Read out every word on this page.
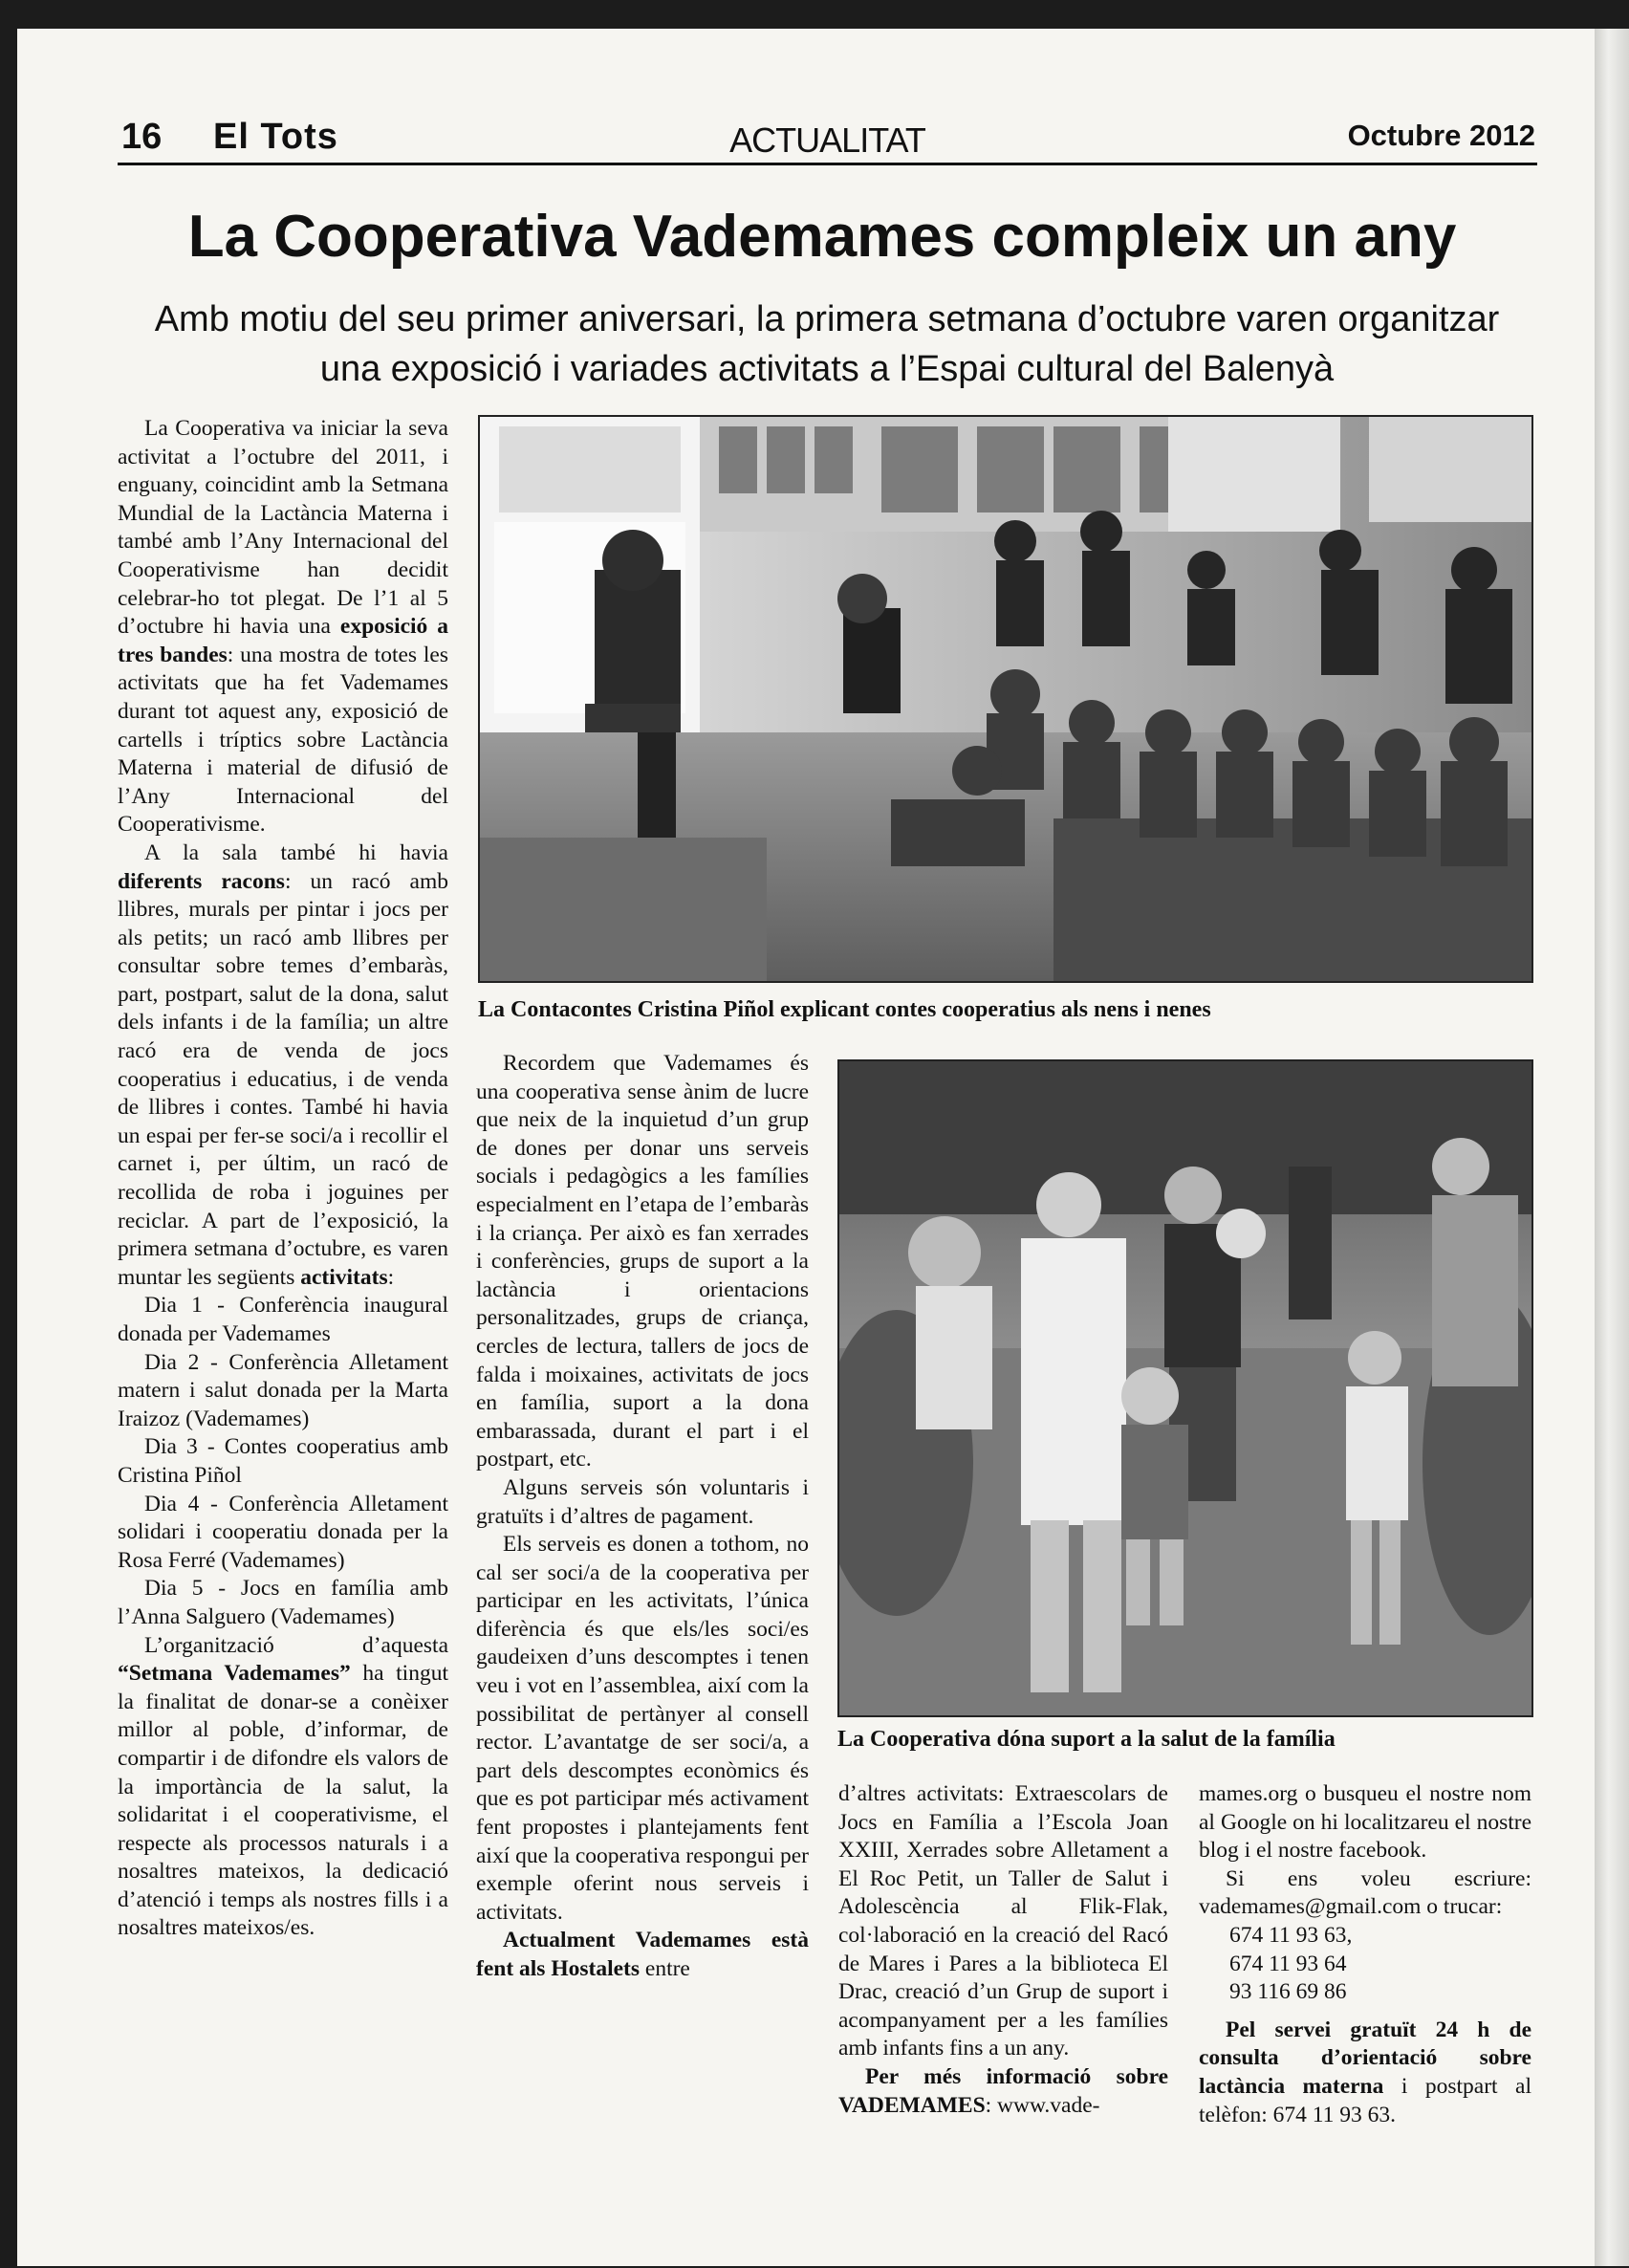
16 El Tots	ACTUALITAT	Octubre 2012
La Cooperativa Vademames compleix un any
Amb motiu del seu primer aniversari, la primera setmana d’octubre varen organitzar una exposició i variades activitats a l’Espai cultural del Balenyà

La Cooperativa va iniciar la seva activitat a l’octubre del 2011, i enguany, coincidint amb la Setmana Mundial de la Lactància Materna i també amb l’Any Internacional del Cooperativisme han decidit celebrar-ho tot plegat. De l’1 al 5 d’octubre hi havia una exposició a tres bandes: una mostra de totes les activitats que ha fet Vademames durant tot aquest any, exposició de cartells i tríptics sobre Lactància Materna i material de difusió de l’Any Internacional del Cooperativisme.

A la sala també hi havia diferents racons: un racó amb llibres, murals per pintar i jocs per als petits; un racó amb llibres per consultar sobre temes d’embaràs, part, postpart, salut de la dona, salut dels infants i de la família; un altre racó era de venda de jocs cooperatius i educatius, i de venda de llibres i contes. També hi havia un espai per fer-se soci/a i recollir el carnet i, per últim, un racó de recollida de roba i joguines per reciclar. A part de l’exposició, la primera setmana d’octubre, es varen muntar les següents activitats:

Dia 1 - Conferència inaugural donada per Vademames

Dia 2 - Conferència Alletament matern i salut donada per la Marta Iraizoz (Vademames)

Dia 3 - Contes cooperatius amb Cristina Piñol

Dia 4 - Conferència Alletament solidari i cooperatiu donada per la Rosa Ferré (Vademames)

Dia 5 - Jocs en família amb l’Anna Salguero (Vademames)

L’organització d’aquesta “Setmana Vademames” ha tingut la finalitat de donar-se a conèixer millor al poble, d’informar, de compartir i de difondre els valors de la importància de la salut, la solidaritat i el cooperativisme, el respecte als processos naturals i a nosaltres mateixos, la dedicació d’atenció i temps als nostres fills i a nosaltres mateixos/es.

La Contacontes Cristina Piñol explicant contes cooperatius als nens i nenes

Recordem que Vademames és una cooperativa sense ànim de lucre que neix de la inquietud d’un grup de dones per donar uns serveis socials i pedagògics a les famílies especialment en l’etapa de l’embaràs i la criança. Per això es fan xerrades i conferències, grups de suport a la lactància i orientacions personalitzades, grups de criança, cercles de lectura, tallers de jocs de falda i moixaines, activitats de jocs en família, suport a la dona embarassada, durant el part i el postpart, etc.

Alguns serveis són voluntaris i gratuïts i d’altres de pagament.

Els serveis es donen a tothom, no cal ser soci/a de la cooperativa per participar en les activitats, l’única diferència és que els/les soci/es gaudeixen d’uns descomptes i tenen veu i vot en l’assemblea, així com la possibilitat de pertànyer al consell rector. L’avantatge de ser soci/a, a part dels descomptes econòmics és que es pot participar més activament fent propostes i plantejaments fent així que la cooperativa respongui per exemple oferint nous serveis i activitats.

Actualment Vademames està fent als Hostalets entre

La Cooperativa dóna suport a la salut de la família

d’altres activitats: Extraescolars de Jocs en Família a l’Escola Joan XXIII, Xerrades sobre Alletament a El Roc Petit, un Taller de Salut i Adolescència al Flik-Flak, col·laboració en la creació del Racó de Mares i Pares a la biblioteca El Drac, creació d’un Grup de suport i acompanyament per a les famílies amb infants fins a un any.

Per més informació sobre VADEMAMES: www.vade-

mames.org o busqueu el nostre nom al Google on hi localitzareu el nostre blog i el nostre facebook.

Si ens voleu escriure: vademames@gmail.com o trucar:

674 11 93 63,

674 11 93 64

93 116 69 86

Pel servei gratuït 24 h de consulta d’orientació sobre lactància materna i postpart al telèfon: 674 11 93 63.
